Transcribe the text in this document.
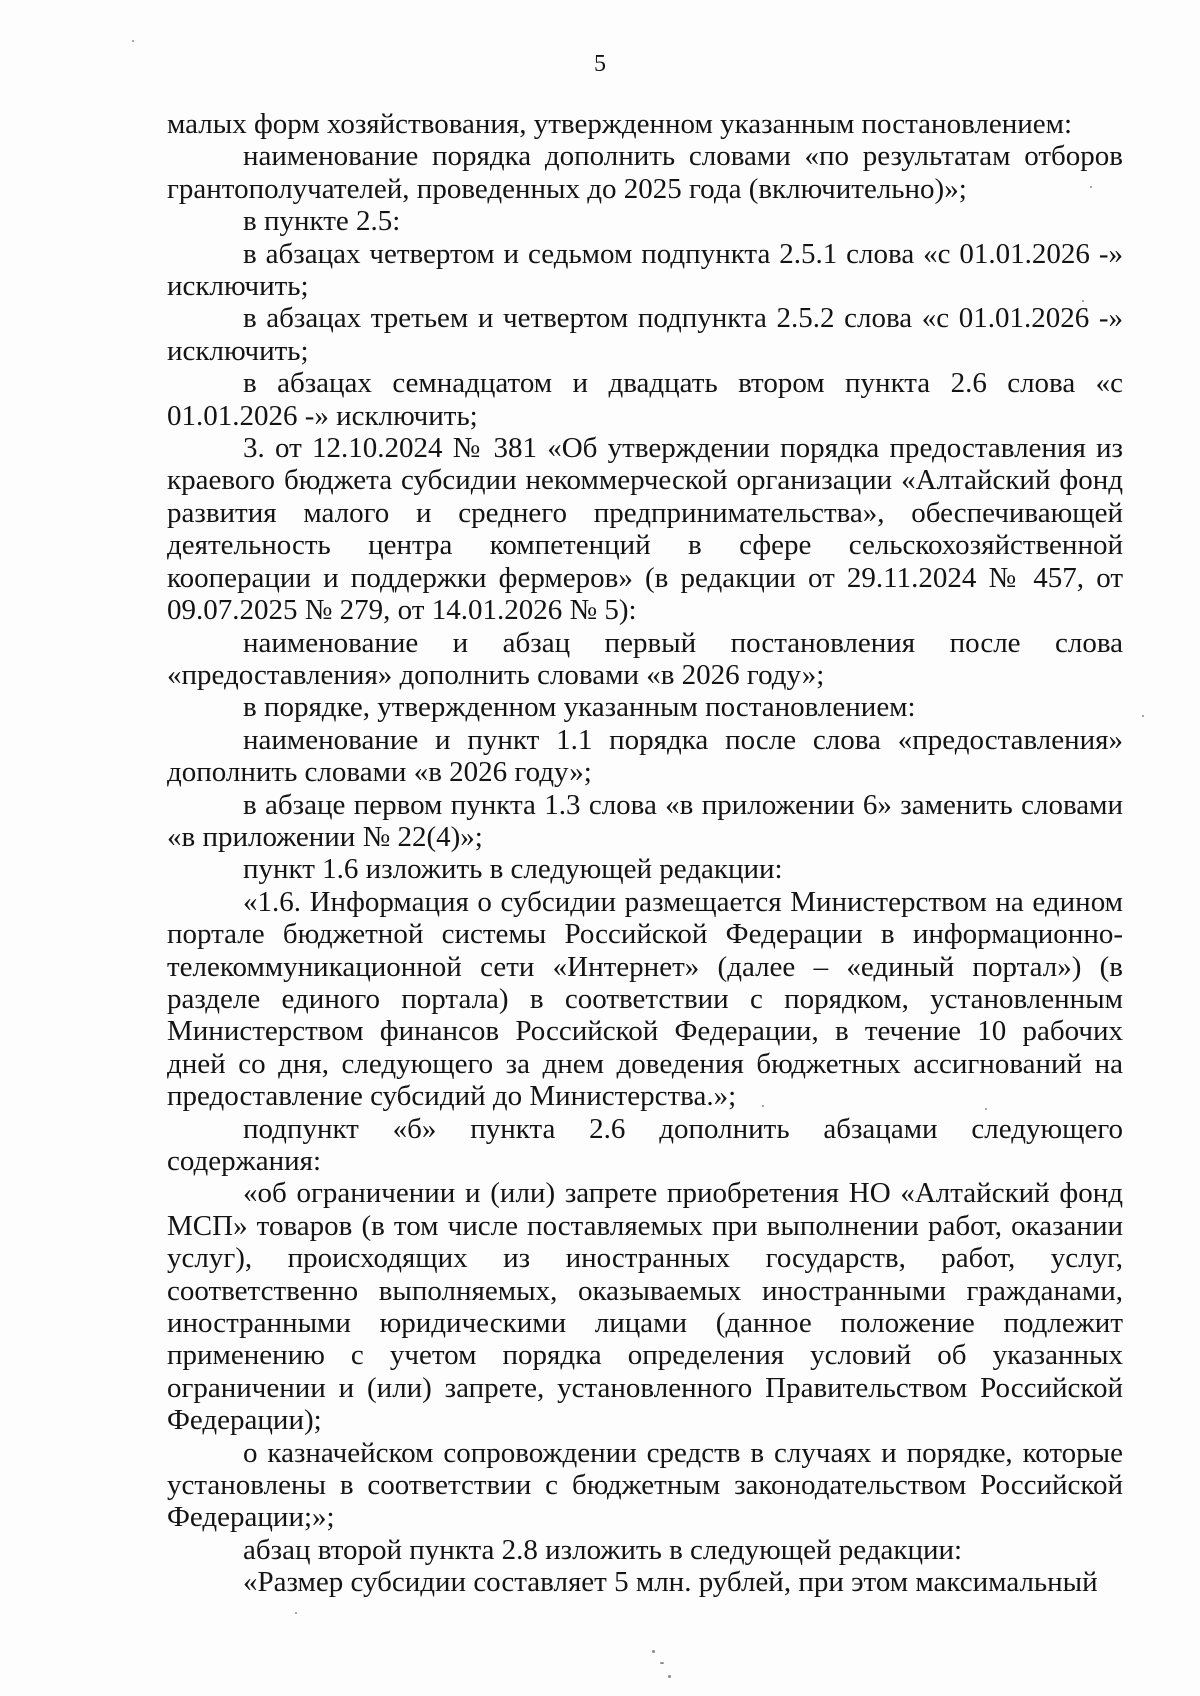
5

малых форм хозяйствования, утвержденном указанным постановлением:

наименование порядка дополнить словами «по результатам отборов грантополучателей, проведенных до 2025 года (включительно)»;

в пункте 2.5:

в абзацах четвертом и седьмом подпункта 2.5.1 слова «с 01.01.2026 -» исключить;

в абзацах третьем и четвертом подпункта 2.5.2 слова «с 01.01.2026 -» исключить;

в абзацах семнадцатом и двадцать втором пункта 2.6 слова «с 01.01.2026 -» исключить;

3. от 12.10.2024 № 381 «Об утверждении порядка предоставления из краевого бюджета субсидии некоммерческой организации «Алтайский фонд развития малого и среднего предпринимательства», обеспечивающей деятельность центра компетенций в сфере сельскохозяйственной кооперации и поддержки фермеров» (в редакции от 29.11.2024 № 457, от 09.07.2025 № 279, от 14.01.2026 № 5):

наименование и абзац первый постановления после слова «предоставления» дополнить словами «в 2026 году»;

в порядке, утвержденном указанным постановлением:

наименование и пункт 1.1 порядка после слова «предоставления» дополнить словами «в 2026 году»;

в абзаце первом пункта 1.3 слова «в приложении 6» заменить словами «в приложении № 22(4)»;

пункт 1.6 изложить в следующей редакции:

«1.6. Информация о субсидии размещается Министерством на едином портале бюджетной системы Российской Федерации в информационно-телекоммуникационной сети «Интернет» (далее – «единый портал») (в разделе единого портала) в соответствии с порядком, установленным Министерством финансов Российской Федерации, в течение 10 рабочих дней со дня, следующего за днем доведения бюджетных ассигнований на предоставление субсидий до Министерства.»;

подпункт «б» пункта 2.6 дополнить абзацами следующего содержания:

«об ограничении и (или) запрете приобретения НО «Алтайский фонд МСП» товаров (в том числе поставляемых при выполнении работ, оказании услуг), происходящих из иностранных государств, работ, услуг, соответственно выполняемых, оказываемых иностранными гражданами, иностранными юридическими лицами (данное положение подлежит применению с учетом порядка определения условий об указанных ограничении и (или) запрете, установленного Правительством Российской Федерации);

о казначейском сопровождении средств в случаях и порядке, которые установлены в соответствии с бюджетным законодательством Российской Федерации;»;

абзац второй пункта 2.8 изложить в следующей редакции:

«Размер субсидии составляет 5 млн. рублей, при этом максимальный
